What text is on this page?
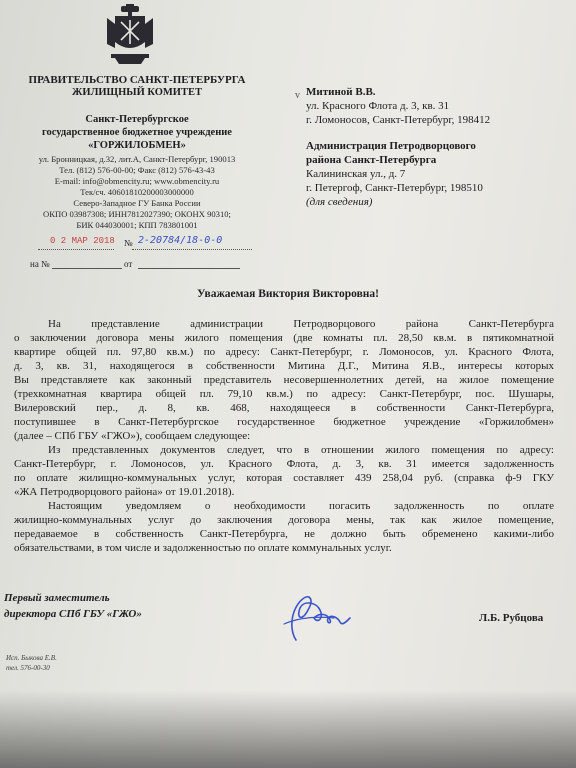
ПРАВИТЕЛЬСТВО САНКТ-ПЕТЕРБУРГА
ЖИЛИЩНЫЙ КОМИТЕТ
Санкт-Петербургское
государственное бюджетное учреждение
«ГОРЖИЛОБМЕН»
ул. Бронницкая, д.32, лит.А, Санкт-Петербург, 190013
Тел. (812) 576-00-00; Факс (812) 576-43-43
E-mail: info@obmencity.ru; www.obmencity.ru
Тек/сч. 40601810200003000000
Северо-Западное ГУ Банка России
ОКПО 03987308; ИНН7812027390; ОКОНХ 90310;
БИК 044030001; КПП 783801001
0 2 МАР 2018 № 2-20784/18-0-0
на №	от
v Митиной В.В.
ул. Красного Флота д. 3, кв. 31
г. Ломоносов, Санкт-Петербург, 198412
Администрация Петродворцового
района Санкт-Петербурга
Калининская ул., д. 7
г. Петергоф, Санкт-Петербург, 198510
(для сведения)
Уважаемая Виктория Викторовна!
На представление администрации Петродворцового района Санкт-Петербурга
о заключении договора мены жилого помещения (две комнаты пл. 28,50 кв.м. в пятикомнатной
квартире общей пл. 97,80 кв.м.) по адресу: Санкт-Петербург, г. Ломоносов, ул. Красного Флота,
д. 3, кв. 31, находящегося в собственности Митина Д.Г., Митина Я.В., интересы которых
Вы представляете как законный представитель несовершеннолетних детей, на жилое помещение
(трехкомнатная квартира общей пл. 79,10 кв.м.) по адресу: Санкт-Петербург, пос. Шушары,
Вилеровский пер., д. 8, кв. 468, находящееся в собственности Санкт-Петербурга,
поступившее в Санкт-Петербургское государственное бюджетное учреждение «Горжилобмен»
(далее – СПб ГБУ «ГЖО»), сообщаем следующее:
Из представленных документов следует, что в отношении жилого помещения по адресу:
Санкт-Петербург, г. Ломоносов, ул. Красного Флота, д. 3, кв. 31 имеется задолженность
по оплате жилищно-коммунальных услуг, которая составляет 439 258,04 руб. (справка ф-9 ГКУ
«ЖА Петродворцового района» от 19.01.2018).
Настоящим уведомляем о необходимости погасить задолженность по оплате
жилищно-коммунальных услуг до заключения договора мены, так как жилое помещение,
передаваемое в собственность Санкт-Петербурга, не должно быть обременено какими-либо
обязательствами, в том числе и задолженностью по оплате коммунальных услуг.
Первый заместитель
директора СПб ГБУ «ГЖО»	Л.Б. Рубцова
Исп. Быкова Е.В.
тел. 576-00-30
